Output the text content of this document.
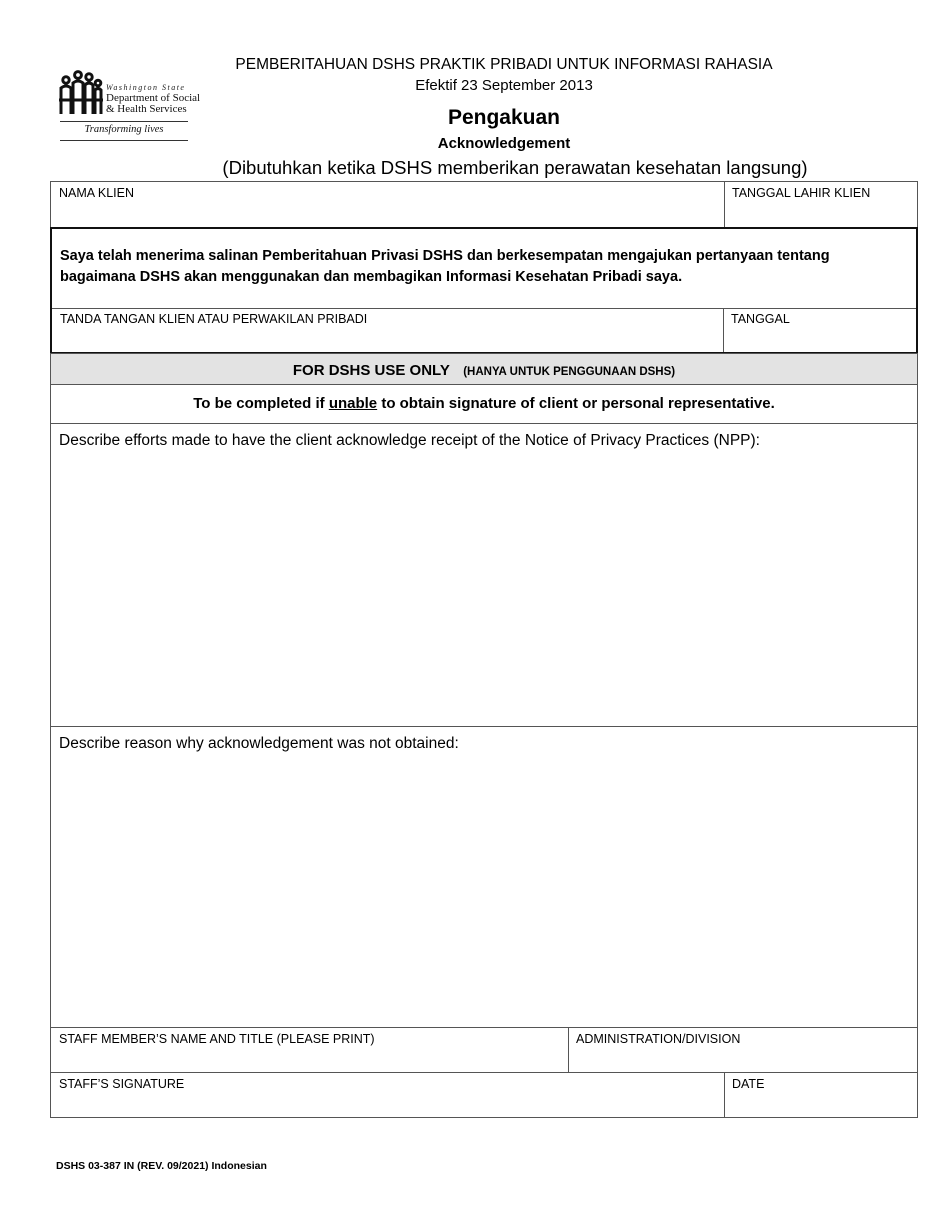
Washington State
Department of Social
& Health Services
Transforming lives
PEMBERITAHUAN DSHS PRAKTIK PRIBADI UNTUK INFORMASI RAHASIA
Efektif 23 September 2013
Pengakuan
Acknowledgement
(Dibutuhkan ketika DSHS memberikan perawatan kesehatan langsung)
NAMA KLIEN	TANGGAL LAHIR KLIEN
Saya telah menerima salinan Pemberitahuan Privasi DSHS dan berkesempatan mengajukan pertanyaan tentang bagaimana DSHS akan menggunakan dan membagikan Informasi Kesehatan Pribadi saya.
TANDA TANGAN KLIEN ATAU PERWAKILAN PRIBADI	TANGGAL
FOR DSHS USE ONLY (HANYA UNTUK PENGGUNAAN DSHS)
To be completed if unable to obtain signature of client or personal representative.
Describe efforts made to have the client acknowledge receipt of the Notice of Privacy Practices (NPP):
Describe reason why acknowledgement was not obtained:
STAFF MEMBER’S NAME AND TITLE (PLEASE PRINT)	ADMINISTRATION/DIVISION
STAFF’S SIGNATURE	DATE
DSHS 03-387 IN (REV. 09/2021) Indonesian
